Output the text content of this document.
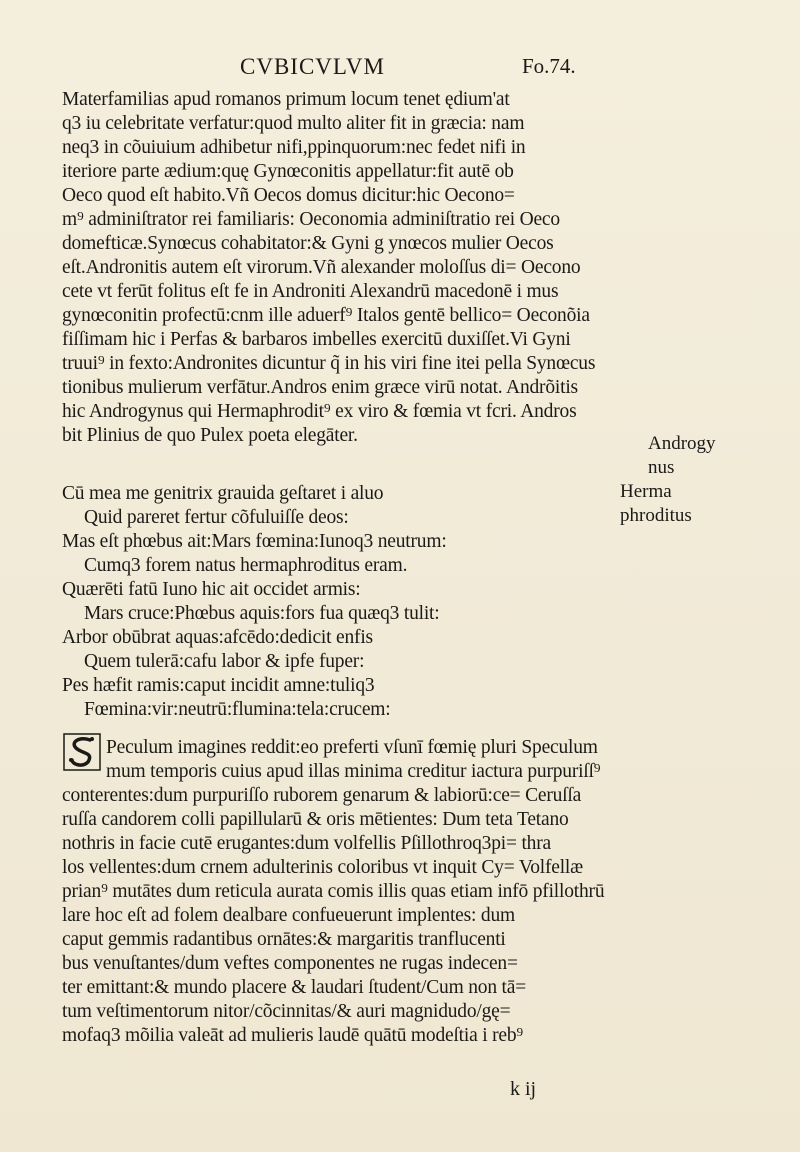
CVBICVLVM	Fo.74.
Materfamilias apud romanos primum locum tenet ędium'at
q3 iu celebritate verfatur:quod multo aliter fit in græcia: nam
neq3 in cõuiuium adhibetur nifi,ppinquorum:nec fedet nifi in
iteriore parte ædium:quę Gynœconitis appellatur:fit autē ob
Oeco quod eſt habito.Vñ Oecos domus dicitur:hic Oecono=
m⁹ adminiſtrator rei familiaris: Oeconomia adminiſtratio rei Oeco
domefticæ.Synœcus cohabitator:& Gyni g ynœcos mulier Oecos
eſt.Andronitis autem eſt virorum.Vñ alexander moloſſus di= Oecono
cete vt ferūt folitus eſt fe in Androniti Alexandrū macedonē i mus
gynœconitin profectū:cnm ille aduerf⁹ Italos gentē bellico= Oeconõia
fiſſimam hic i Perfas & barbaros imbelles exercitū duxiſſet.Vi Gyni
truui⁹ in fexto:Andronites dicuntur q̃ in his viri fine itei pella Synœcus
tionibus mulierum verfātur.Andros enim græce virū notat. Andrõitis
hic Androgynus qui Hermaphrodit⁹ ex viro & fœmia vt fcri. Andros
bit Plinius de quo Pulex poeta elegāter.	Androgy
nus
Herma
phroditus
Cū mea me genitrix grauida geſtaret i aluo
Quid pareret fertur cõfuluiſſe deos:
Mas eſt phœbus ait:Mars fœmina:Iunoq3 neutrum:
Cumq3 forem natus hermaphroditus eram.
Quærēti fatū Iuno hic ait occidet armis:
Mars cruce:Phœbus aquis:fors fua quæq3 tulit:
Arbor obūbrat aquas:afcēdo:dedicit enfis
Quem tulerā:cafu labor & ipfe fuper:
Pes hæfit ramis:caput incidit amne:tuliq3
Fœmina:vir:neutrū:flumina:tela:crucem:
Peculum imagines reddit:eo preferti vſunī fœmię pluri Speculum
mum temporis cuius apud illas minima creditur iactura purpuriſſ⁹
conterentes:dum purpuriſſo ruborem genarum & labiorū:ce= Ceruſſa
ruſſa candorem colli papillularū & oris mētientes: Dum teta Tetano
nothris in facie cutē erugantes:dum volfellis Pſillothroq3pi= thra
los vellentes:dum crnem adulterinis coloribus vt inquit Cy= Volfellæ
prian⁹ mutātes dum reticula aurata comis illis quas etiam infō pfillothrū
lare hoc eſt ad folem dealbare confueuerunt implentes: dum
caput gemmis radantibus ornātes:& margaritis tranflucenti
bus venuſtantes/dum veftes componentes ne rugas indecen=
ter emittant:& mundo placere & laudari ſtudent/Cum non tā=
tum veſtimentorum nitor/cõcinnitas/& auri magnidudo/gę=
mofaq3 mõilia valeāt ad mulieris laudē quātū modeſtia i reb⁹
k ij
